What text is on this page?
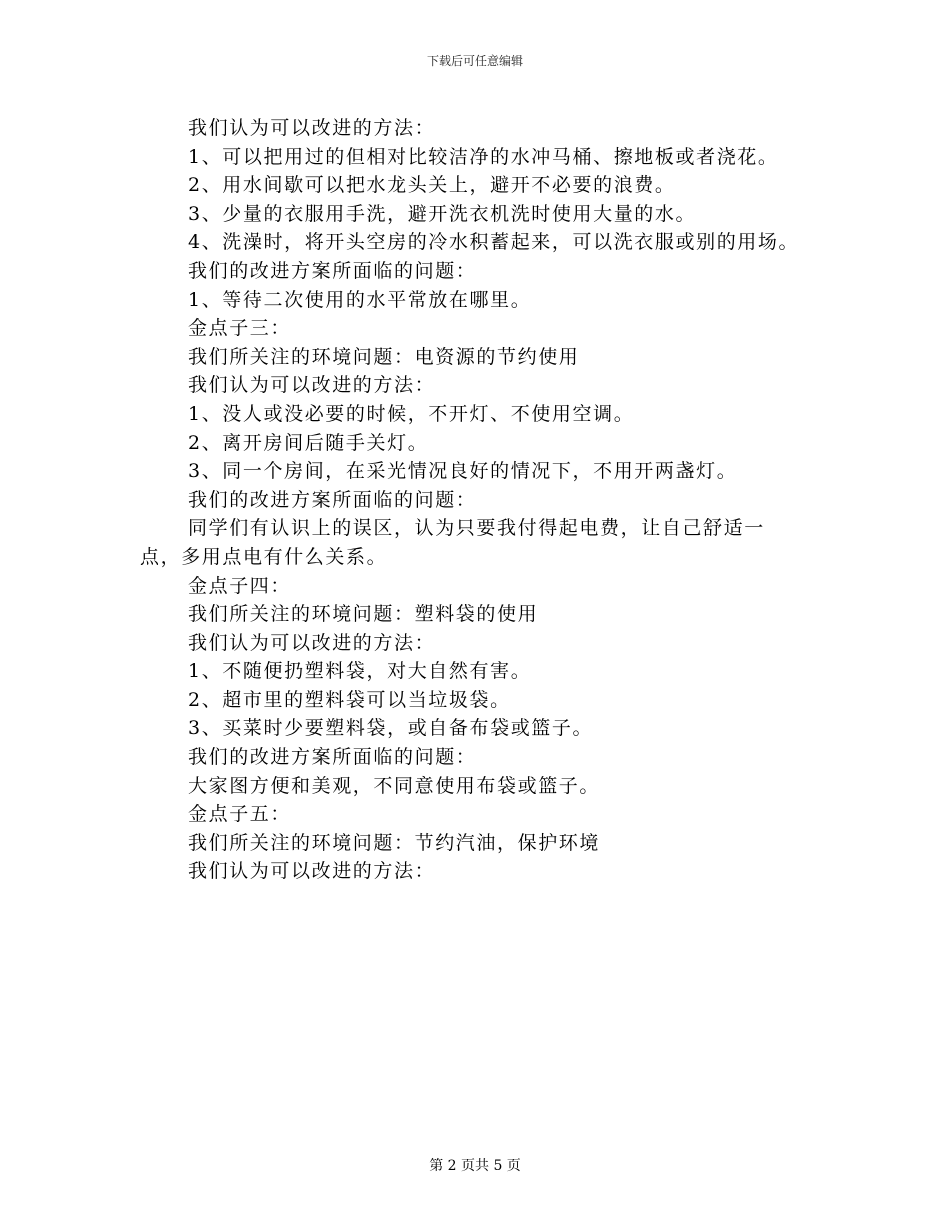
下载后可任意编辑

我们认为可以改进的方法：

1、可以把用过的但相对比较洁净的水冲马桶、擦地板或者浇花。

2、用水间歇可以把水龙头关上，避开不必要的浪费。

3、少量的衣服用手洗，避开洗衣机洗时使用大量的水。

4、洗澡时，将开头空房的冷水积蓄起来，可以洗衣服或别的用场。

我们的改进方案所面临的问题：

1、等待二次使用的水平常放在哪里。

金点子三：

我们所关注的环境问题：电资源的节约使用

我们认为可以改进的方法：

1、没人或没必要的时候，不开灯、不使用空调。

2、离开房间后随手关灯。

3、同一个房间，在采光情况良好的情况下，不用开两盏灯。

我们的改进方案所面临的问题：

同学们有认识上的误区，认为只要我付得起电费，让自己舒适一点，多用点电有什么关系。

金点子四：

我们所关注的环境问题：塑料袋的使用

我们认为可以改进的方法：

1、不随便扔塑料袋，对大自然有害。

2、超市里的塑料袋可以当垃圾袋。

3、买菜时少要塑料袋，或自备布袋或篮子。

我们的改进方案所面临的问题：

大家图方便和美观，不同意使用布袋或篮子。

金点子五：

我们所关注的环境问题：节约汽油，保护环境

我们认为可以改进的方法：

第 2 页共 5 页
